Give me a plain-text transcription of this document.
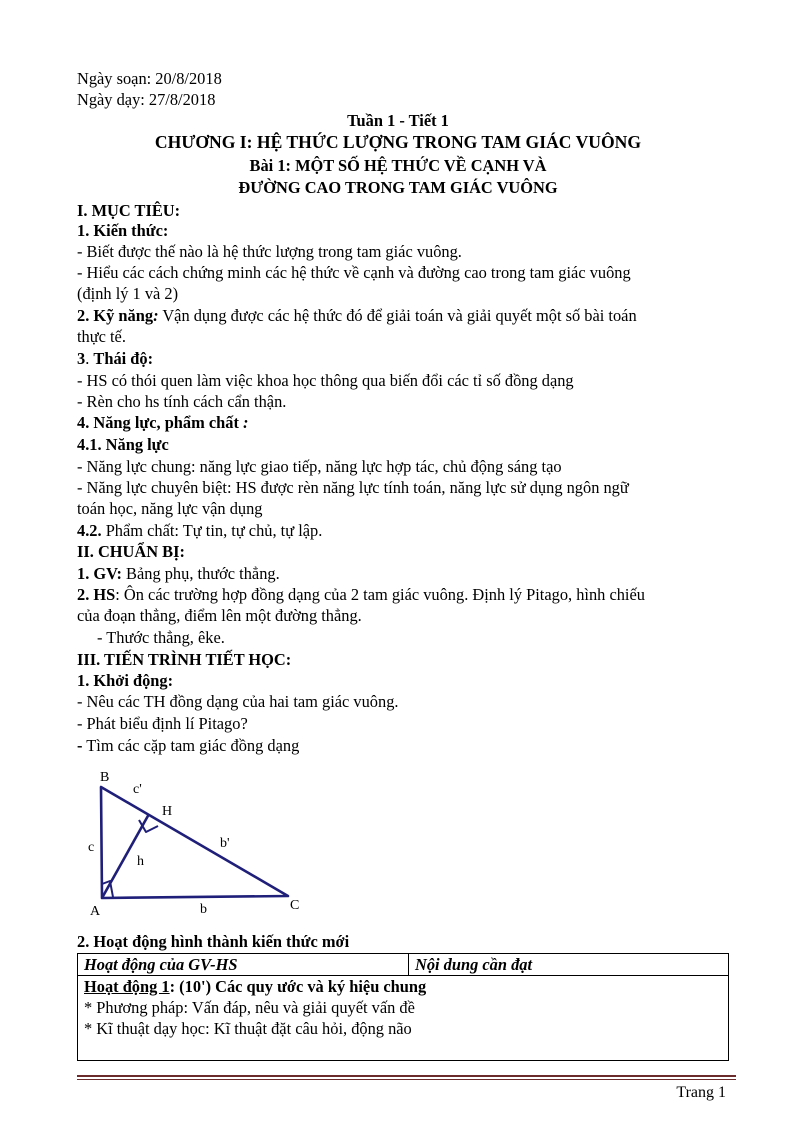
Ngày soạn: 20/8/2018
Ngày dạy: 27/8/2018
Tuần 1 - Tiết 1
CHƯƠNG I: HỆ THỨC LƯỢNG TRONG TAM GIÁC VUÔNG
Bài 1: MỘT SỐ HỆ THỨC VỀ CẠNH VÀ
ĐƯỜNG CAO TRONG TAM GIÁC VUÔNG
I. MỤC TIÊU:
1. Kiến thức:
- Biết được thế nào là hệ thức lượng trong tam giác vuông.
- Hiểu các cách chứng minh các hệ thức về cạnh và đường cao trong tam giác vuông
(định lý 1 và 2)
2. Kỹ năng: Vận dụng được các hệ thức đó để giải toán và giải quyết một số bài toán
thực tế.
3. Thái độ:
- HS có thói quen làm việc khoa học thông qua biến đổi các tỉ số đồng dạng
- Rèn cho hs tính cách cẩn thận.
4. Năng lực, phẩm chất :
4.1. Năng lực
- Năng lực chung: năng lực giao tiếp, năng lực hợp tác, chủ động sáng tạo
- Năng lực chuyên biệt: HS được rèn năng lực tính toán, năng lực sử dụng ngôn ngữ
toán học, năng lực vận dụng
4.2. Phẩm chất: Tự tin, tự chủ, tự lập.
II. CHUẨN BỊ:
1. GV: Bảng phụ, thước thẳng.
2. HS: Ôn các trường hợp đồng dạng của 2 tam giác vuông. Định lý Pitago, hình chiếu
của đoạn thẳng, điểm lên một đường thẳng.
- Thước thẳng, êke.
III. TIẾN TRÌNH TIẾT HỌC:
1. Khởi động:
- Nêu các TH đồng dạng của hai tam giác vuông.
- Phát biểu định lí Pitago?
- Tìm các cặp tam giác đồng dạng
B
c'
H
c	b'
h
A	b	C
2. Hoạt động hình thành kiến thức mới
Hoạt động của GV-HS	Nội dung cần đạt

Hoạt động 1: (10') Các quy ước và ký hiệu chung
* Phương pháp: Vấn đáp, nêu và giải quyết vấn đề
* Kĩ thuật dạy học: Kĩ thuật đặt câu hỏi, động não
Trang 1
